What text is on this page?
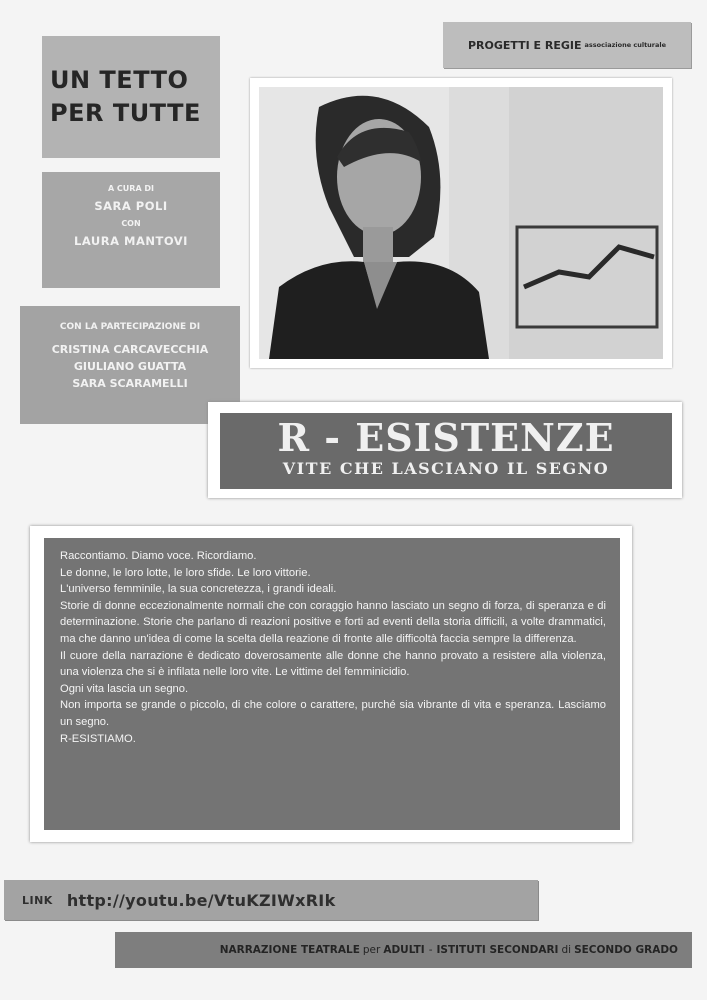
PROGETTI E REGIE associazione culturale
UN TETTO
PER TUTTE
A CURA DI
SARA POLI
CON
LAURA MANTOVI
CON LA PARTECIPAZIONE DI
CRISTINA CARCAVECCHIA
GIULIANO GUATTA
SARA SCARAMELLI
R - ESISTENZE
VITE CHE LASCIANO IL SEGNO

Raccontiamo. Diamo voce. Ricordiamo.

Le donne, le loro lotte, le loro sfide. Le loro vittorie.

L'universo femminile, la sua concretezza, i grandi ideali.

Storie di donne eccezionalmente normali che con coraggio hanno lasciato un segno di forza, di speranza e di determinazione. Storie che parlano di reazioni positive e forti ad eventi della storia difficili, a volte drammatici, ma che danno un'idea di come la scelta della reazione di fronte alle difficoltà faccia sempre la differenza.

Il cuore della narrazione è dedicato doverosamente alle donne che hanno provato a resistere alla violenza, una violenza che si è infilata nelle loro vite. Le vittime del femminicidio.

Ogni vita lascia un segno.

Non importa se grande o piccolo, di che colore o carattere, purché sia vibrante di vita e speranza. Lasciamo un segno.

R-ESISTIAMO.

LINK http://youtu.be/VtuKZIWxRIk
NARRAZIONE TEATRALE per ADULTI - ISTITUTI SECONDARI di SECONDO GRADO
